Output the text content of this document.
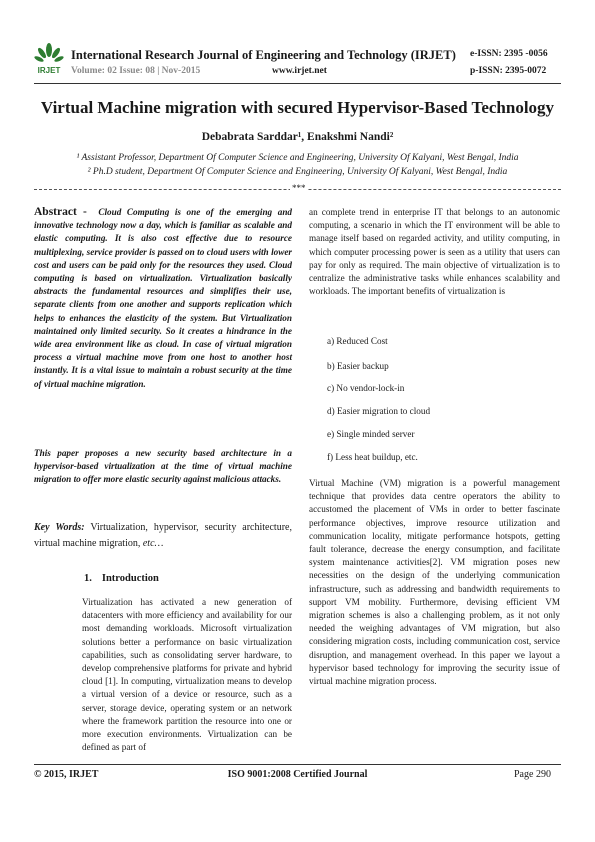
IRJET
International Research Journal of Engineering and Technology (IRJET) e-ISSN: 2395 -0056
Volume: 02 Issue: 08 | Nov-2015	www.irjet.net	p-ISSN: 2395-0072
Virtual Machine migration with secured Hypervisor-Based Technology
Debabrata Sarddar¹, Enakshmi Nandi²
¹ Assistant Professor, Department Of Computer Science and Engineering, University Of Kalyani, West Bengal, India
² Ph.D student, Department Of Computer Science and Engineering, University Of Kalyani, West Bengal, India
***
Abstract - Cloud Computing is one of the emerging and innovative technology now a day, which is familiar as scalable and elastic computing. It is also cost effective due to resource multiplexing, service provider is passed on to cloud users with lower cost and users can be paid only for the resources they used. Cloud computing is based on virtualization. Virtualization basically abstracts the fundamental resources and simplifies their use, separate clients from one another and supports replication which helps to enhances the elasticity of the system. But Virtualization maintained only limited security. So it creates a hindrance in the wide area environment like as cloud. In case of virtual migration process a virtual machine move from one host to another host instantly. It is a vital issue to maintain a robust security at the time of virtual machine migration.
This paper proposes a new security based architecture in a hypervisor-based virtualization at the time of virtual machine migration to offer more elastic security against malicious attacks.
Key Words: Virtualization, hypervisor, security architecture, virtual machine migration, etc…
1. Introduction
Virtualization has activated a new generation of datacenters with more efficiency and availability for our most demanding workloads. Microsoft virtualization solutions better a performance on basic virtualization capabilities, such as consolidating server hardware, to develop comprehensive platforms for private and hybrid cloud [1]. In computing, virtualization means to develop a virtual version of a device or resource, such as a server, storage device, operating system or an network where the framework partition the resource into one or more execution environments. Virtualization can be defined as part of
an complete trend in enterprise IT that belongs to an autonomic computing, a scenario in which the IT environment will be able to manage itself based on regarded activity, and utility computing, in which computer processing power is seen as a utility that users can pay for only as required. The main objective of virtualization is to centralize the administrative tasks while enhances scalability and workloads. The important benefits of virtualization is
a) Reduced Cost
b) Easier backup
c) No vendor-lock-in
d) Easier migration to cloud
e) Single minded server
f) Less heat buildup, etc.
Virtual Machine (VM) migration is a powerful management technique that provides data centre operators the ability to accustomed the placement of VMs in order to better fascinate performance objectives, improve resource utilization and communication locality, mitigate performance hotspots, getting fault tolerance, decrease the energy consumption, and facilitate system maintenance activities[2]. VM migration poses new necessities on the design of the underlying communication infrastructure, such as addressing and bandwidth requirements to support VM mobility. Furthermore, devising efficient VM migration schemes is also a challenging problem, as it not only needed the weighing advantages of VM migration, but also considering migration costs, including communication cost, service disruption, and management overhead. In this paper we layout a hypervisor based technology for improving the security issue of virtual machine migration process.
© 2015, IRJET	ISO 9001:2008 Certified Journal	Page 290
